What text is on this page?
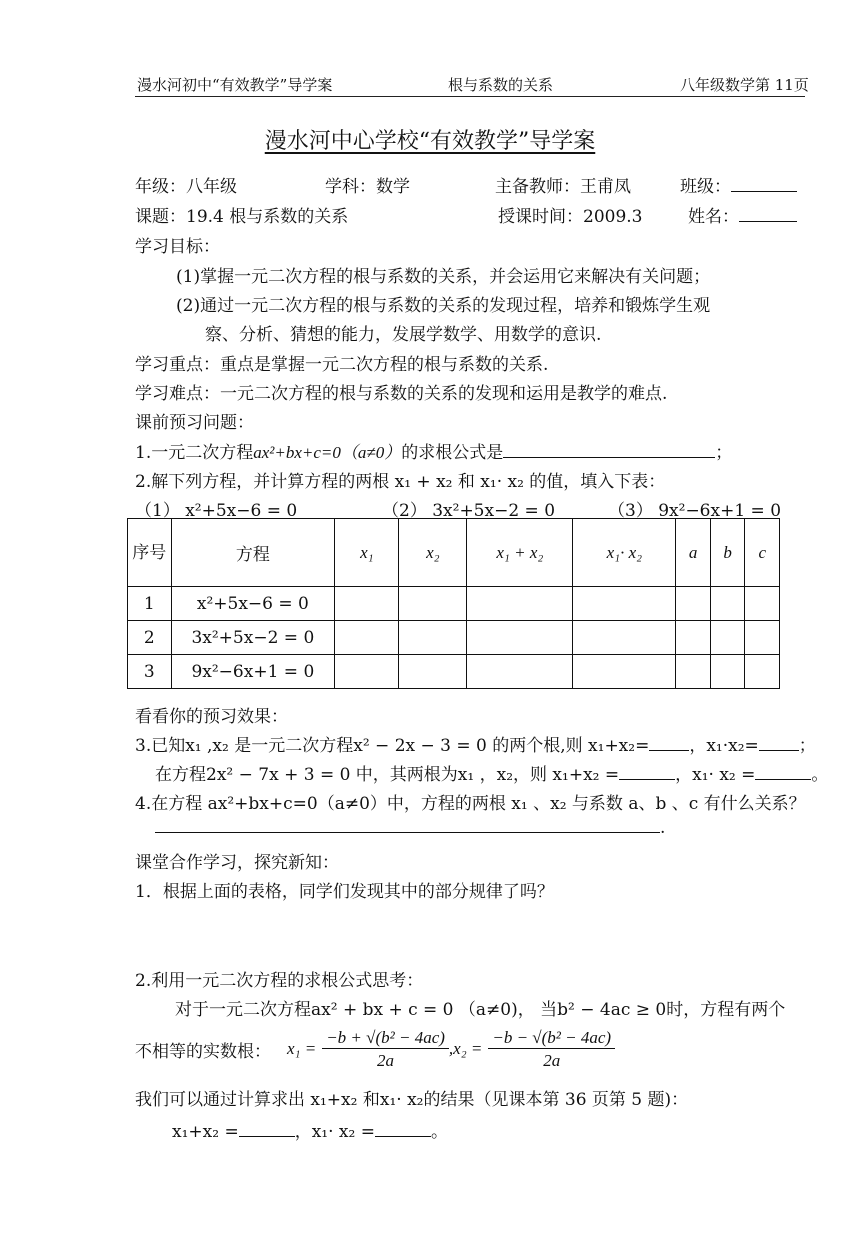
漫水河初中“有效教学”导学案	根与系数的关系	八年级数学第 11页
漫水河中心学校“有效教学”导学案
年级：八年级	学科：数学	主备教师：王甫凤	班级：
课题：19.4 根与系数的关系	授课时间：2009.3	姓名：
学习目标：
(1)掌握一元二次方程的根与系数的关系，并会运用它来解决有关问题；
(2)通过一元二次方程的根与系数的关系的发现过程，培养和锻炼学生观
察、分析、猜想的能力，发展学数学、用数学的意识.
学习重点：重点是掌握一元二次方程的根与系数的关系.
学习难点：一元二次方程的根与系数的关系的发现和运用是教学的难点.
课前预习问题：
1.一元二次方程ax²+bx+c=0（a≠0）的求根公式是	；
2.解下列方程，并计算方程的两根 x₁ + x₂ 和 x₁· x₂ 的值，填入下表：
（1） x²+5x−6 = 0	（2） 3x²+5x−2 = 0	（3） 9x²−6x+1 = 0
序号	方程	x₁	x₂	x₁ + x₂	x₁· x₂	a	b	c
1	x²+5x−6 = 0							
2	3x²+5x−2 = 0							
3	9x²−6x+1 = 0							
看看你的预习效果：
3.已知x₁ ,x₂ 是一元二次方程x² − 2x − 3 = 0 的两个根,则 x₁+x₂= ，x₁·x₂= ；
在方程2x² − 7x + 3 = 0 中，其两根为x₁ ，x₂，则 x₁+x₂ =	，x₁· x₂ =	。
4.在方程 ax²+bx+c=0（a≠0）中，方程的两根 x₁ 、x₂ 与系数 a、b 、c 有什么关系？
.
课堂合作学习，探究新知：
1．根据上面的表格，同学们发现其中的部分规律了吗？
2.利用一元二次方程的求根公式思考：
对于一元二次方程ax² + bx + c = 0 （a≠0)， 当b² − 4ac ≥ 0时，方程有两个
不相等的实数根： $x_1 = \frac{\text{−b + √(b² − 4ac)}}{2a} ,x_2 = \frac{\text{−b − √(b² − 4ac)}}{2a}$
我们可以通过计算求出 x₁+x₂ 和x₁· x₂的结果（见课本第 36 页第 5 题)：
x₁+x₂ =	，x₁· x₂ =	。
